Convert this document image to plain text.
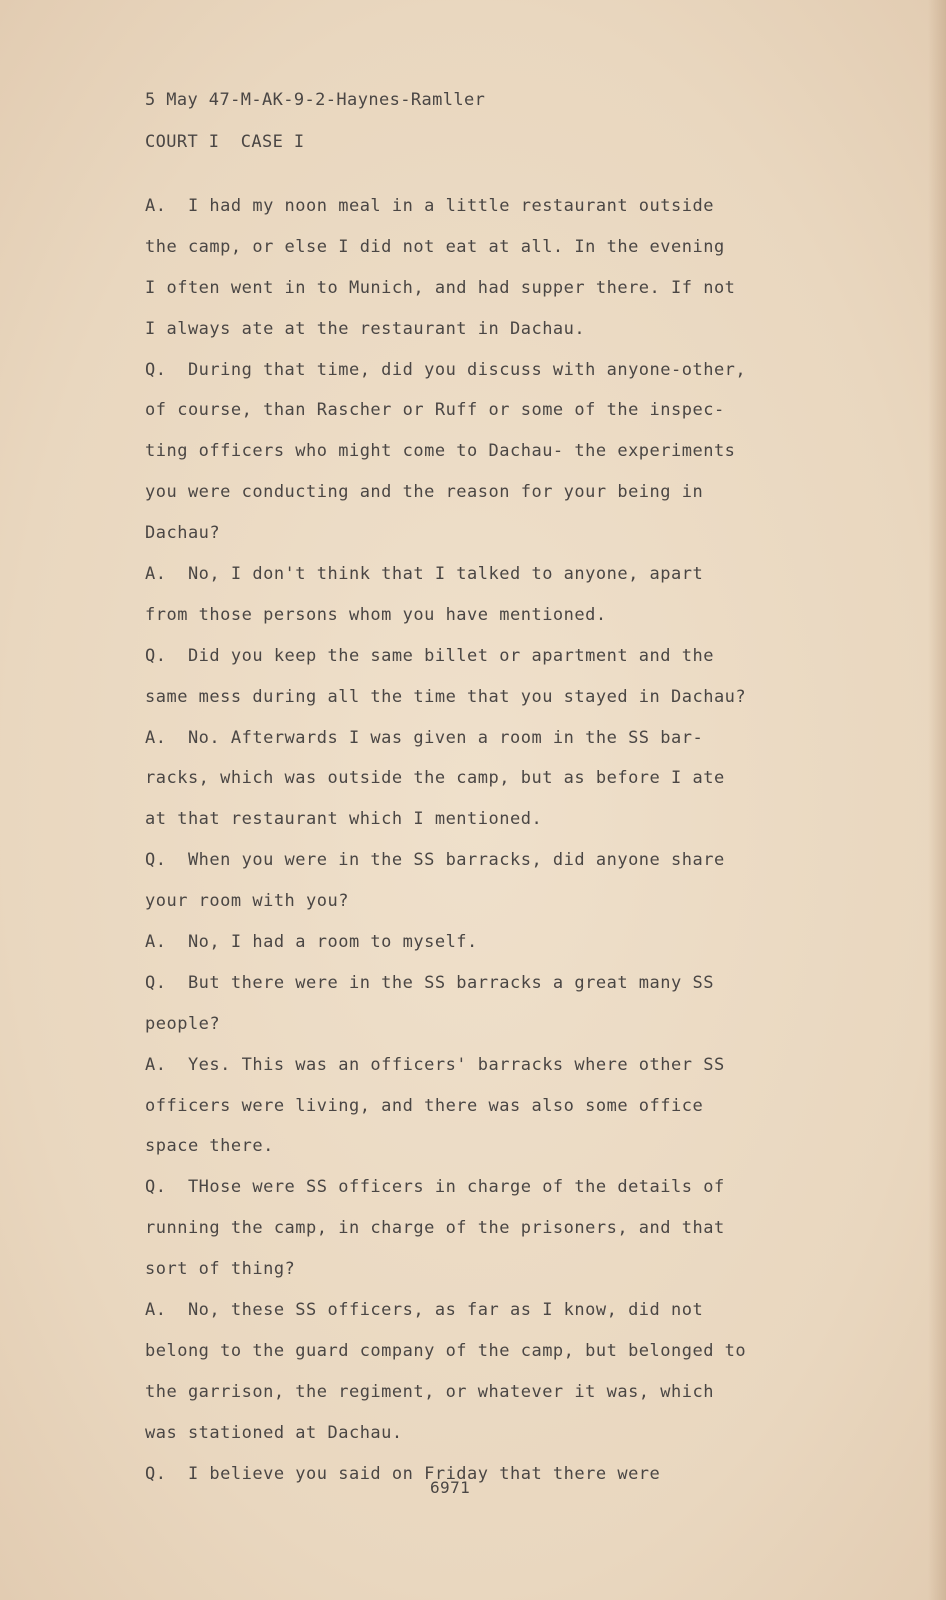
5 May 47-M-AK-9-2-Haynes-Ramller
COURT I  CASE I
A.  I had my noon meal in a little restaurant outside
the camp, or else I did not eat at all. In the evening
I often went in to Munich, and had supper there. If not
I always ate at the restaurant in Dachau.
Q.  During that time, did you discuss with anyone-other,
of course, than Rascher or Ruff or some of the inspec-
ting officers who might come to Dachau- the experiments
you were conducting and the reason for your being in
Dachau?
A.  No, I don't think that I talked to anyone, apart
from those persons whom you have mentioned.
Q.  Did you keep the same billet or apartment and the
same mess during all the time that you stayed in Dachau?
A.  No. Afterwards I was given a room in the SS bar-
racks, which was outside the camp, but as before I ate
at that restaurant which I mentioned.
Q.  When you were in the SS barracks, did anyone share
your room with you?
A.  No, I had a room to myself.
Q.  But there were in the SS barracks a great many SS
people?
A.  Yes. This was an officers' barracks where other SS
officers were living, and there was also some office
space there.
Q.  THose were SS officers in charge of the details of
running the camp, in charge of the prisoners, and that
sort of thing?
A.  No, these SS officers, as far as I know, did not
belong to the guard company of the camp, but belonged to
the garrison, the regiment, or whatever it was, which
was stationed at Dachau.
Q.  I believe you said on Friday that there were
6971
